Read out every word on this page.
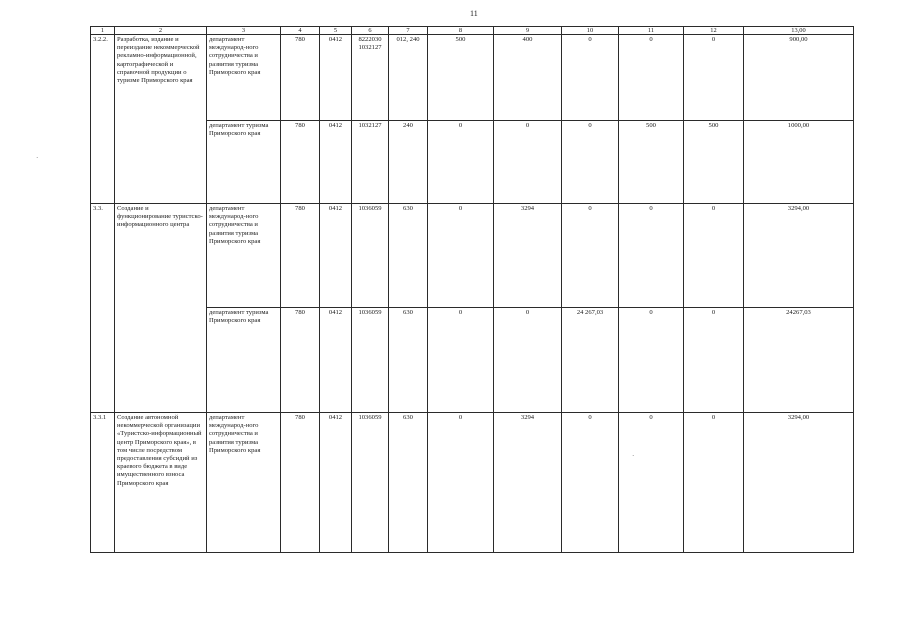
11
1	2	3	4	5	6	7	8	9	10	11	12	13,00
3.2.2.	Разработка, издание и переиздание некоммерческой рекламно-информационной, картографической и справочной продукции о туризме Приморского края	департамент международ-ного сотрудничества и развития туризма Приморского края	780	0412	8222030 1032127	012, 240	500	400	0	0	0	900,00
		департамент туризма Приморского края	780	0412	1032127	240	0	0	0	500	500	1000,00
3.3.	Создание и функционирование туристско-информационного центра	департамент международ-ного сотрудничества и развития туризма Приморского края	780	0412	1036059	630	0	3294	0	0	0	3294,00
		департамент туризма Приморского края	780	0412	1036059	630	0	0	24 267,03	0	0	24267,03
3.3.1	Создание автономной некоммерческой организации «Туристско-информационный центр Приморского края», в том числе посредством предоставления субсидий из краевого бюджета в виде имущественного взноса Приморского края	департамент международ-ного сотрудничества и развития туризма Приморского края	780	0412	1036059	630	0	3294	0	0	0	3294,00
·
·
